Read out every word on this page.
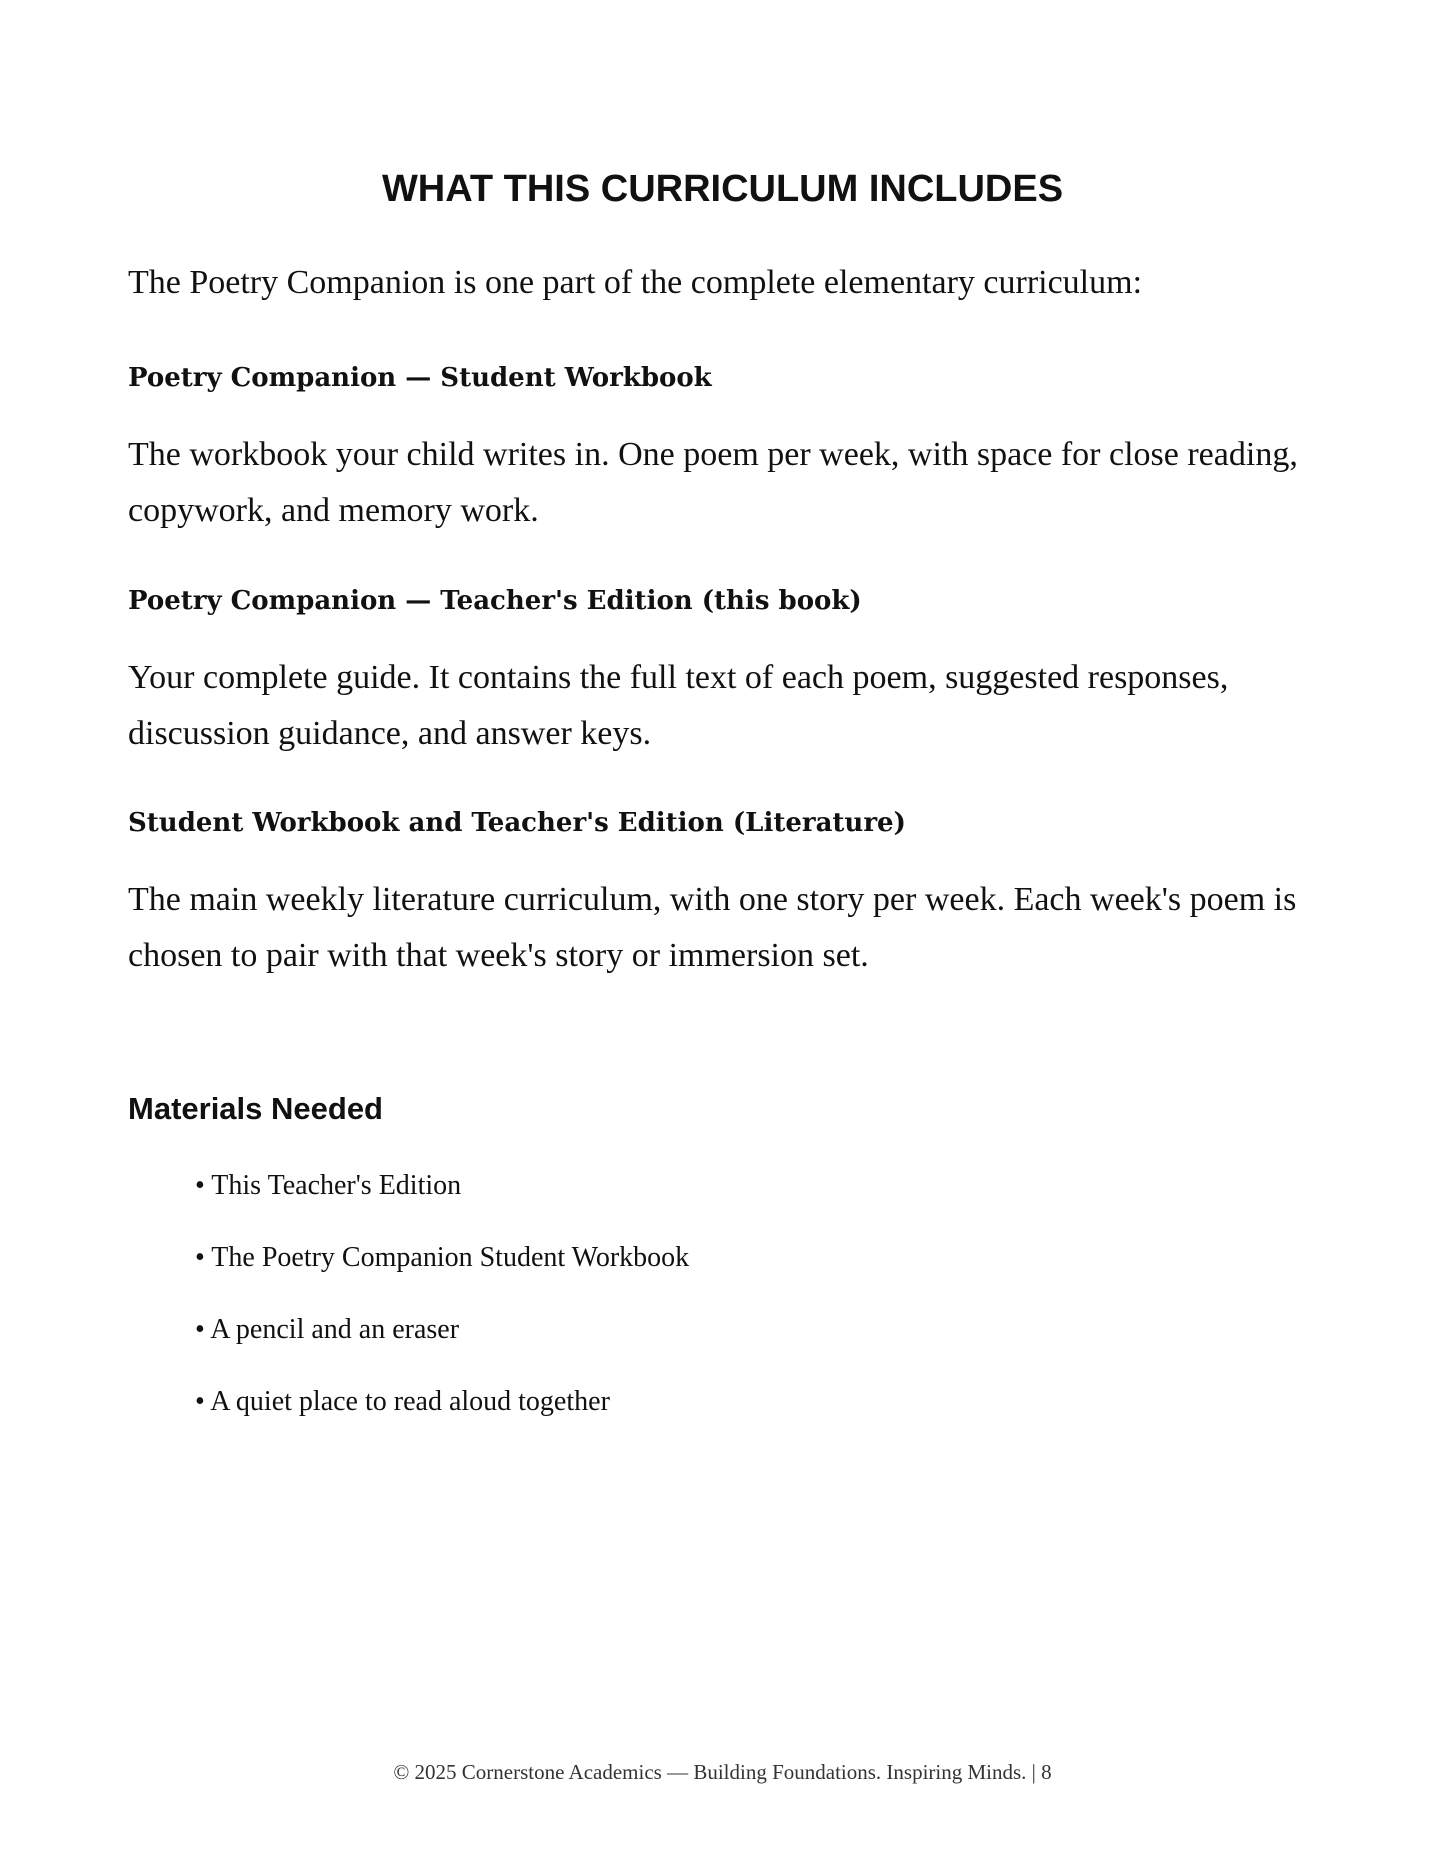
WHAT THIS CURRICULUM INCLUDES

The Poetry Companion is one part of the complete elementary curriculum:

Poetry Companion — Student Workbook

The workbook your child writes in. One poem per week, with space for close reading, copywork, and memory work.

Poetry Companion — Teacher's Edition (this book)

Your complete guide. It contains the full text of each poem, suggested responses, discussion guidance, and answer keys.

Student Workbook and Teacher's Edition (Literature)

The main weekly literature curriculum, with one story per week. Each week's poem is chosen to pair with that week's story or immersion set.

Materials Needed
• This Teacher's Edition
• The Poetry Companion Student Workbook
• A pencil and an eraser
• A quiet place to read aloud together

© 2025 Cornerstone Academics — Building Foundations. Inspiring Minds. | 8
